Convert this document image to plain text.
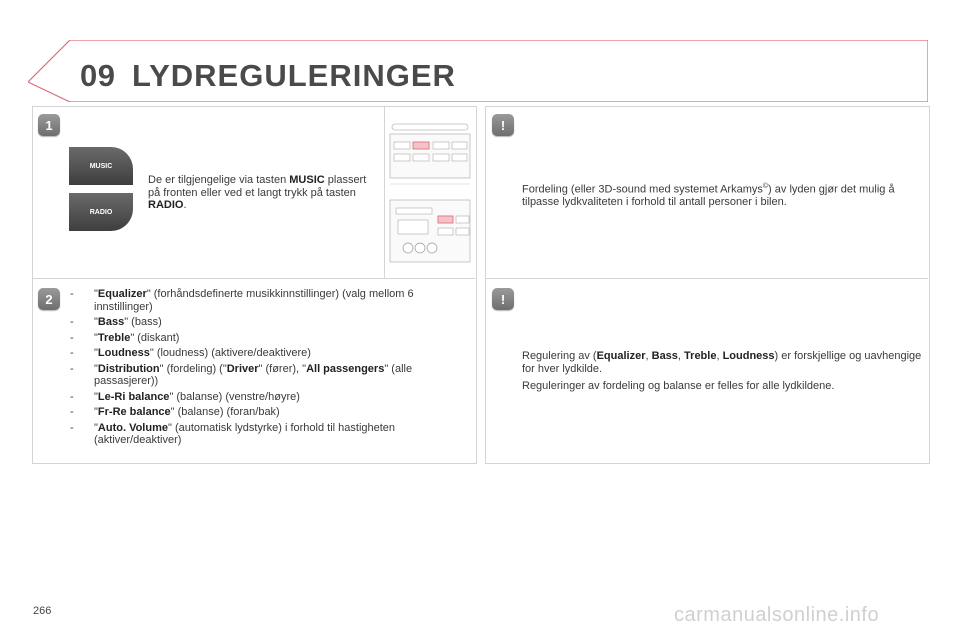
09 LYDREGULERINGER
1
MUSIC
RADIO
De er tilgjengelige via tasten MUSIC plassert på fronten eller ved et langt trykk på tasten RADIO.
2	- "Equalizer" (forhåndsdefinerte musikkinnstillinger) (valg mellom 6 innstillinger)
- "Bass" (bass)
- "Treble" (diskant)
- "Loudness" (loudness) (aktivere/deaktivere)
- "Distribution" (fordeling) ("Driver" (fører), "All passengers" (alle passasjerer))
- "Le-Ri balance" (balanse) (venstre/høyre)
- "Fr-Re balance" (balanse) (foran/bak)
- "Auto. Volume" (automatisk lydstyrke) i forhold til hastigheten (aktiver/deaktiver)
!
Fordeling (eller 3D-sound med systemet Arkamys©) av lyden gjør det mulig å tilpasse lydkvaliteten i forhold til antall personer i bilen.
!
Regulering av (Equalizer, Bass, Treble, Loudness) er forskjellige og uavhengige for hver lydkilde.
Reguleringer av fordeling og balanse er felles for alle lydkildene.
266	carmanualsonline.info
